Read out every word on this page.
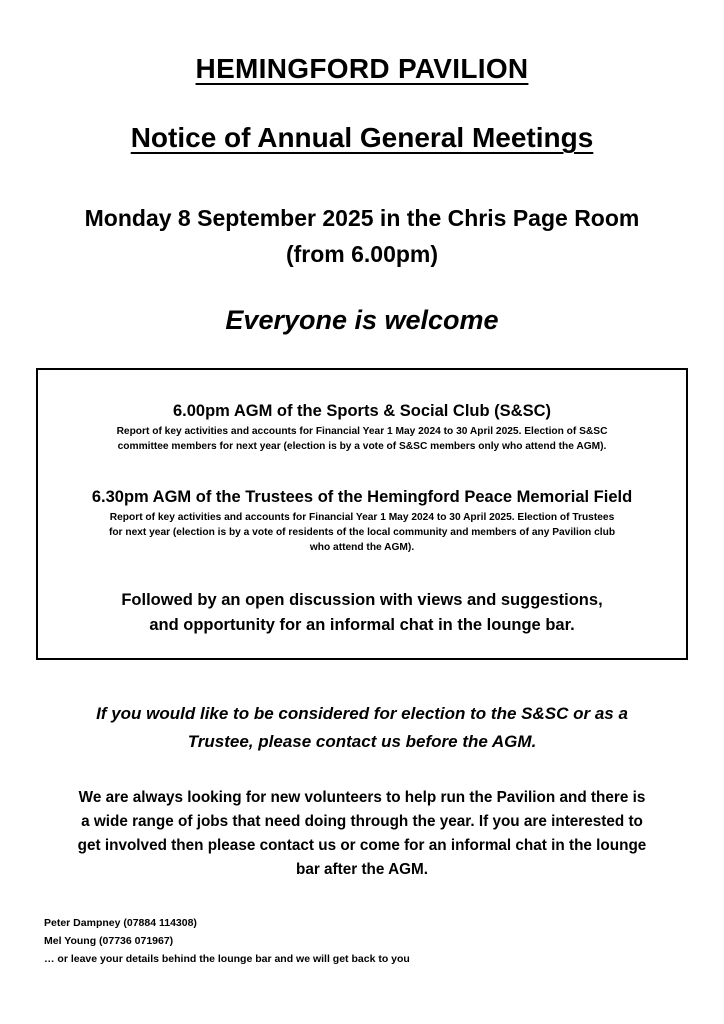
HEMINGFORD PAVILION
Notice of Annual General Meetings
Monday 8 September 2025 in the Chris Page Room
(from 6.00pm)
Everyone is welcome
6.00pm AGM of the Sports & Social Club (S&SC)
Report of key activities and accounts for Financial Year 1 May 2024 to 30 April 2025. Election of S&SC
committee members for next year (election is by a vote of S&SC members only who attend the AGM).
6.30pm AGM of the Trustees of the Hemingford Peace Memorial Field
Report of key activities and accounts for Financial Year 1 May 2024 to 30 April 2025. Election of Trustees
for next year (election is by a vote of residents of the local community and members of any Pavilion club
who attend the AGM).
Followed by an open discussion with views and suggestions,
and opportunity for an informal chat in the lounge bar.
If you would like to be considered for election to the S&SC or as a
Trustee, please contact us before the AGM.
We are always looking for new volunteers to help run the Pavilion and there is
a wide range of jobs that need doing through the year. If you are interested to
get involved then please contact us or come for an informal chat in the lounge
bar after the AGM.
Peter Dampney (07884 114308)
Mel Young (07736 071967)
… or leave your details behind the lounge bar and we will get back to you
